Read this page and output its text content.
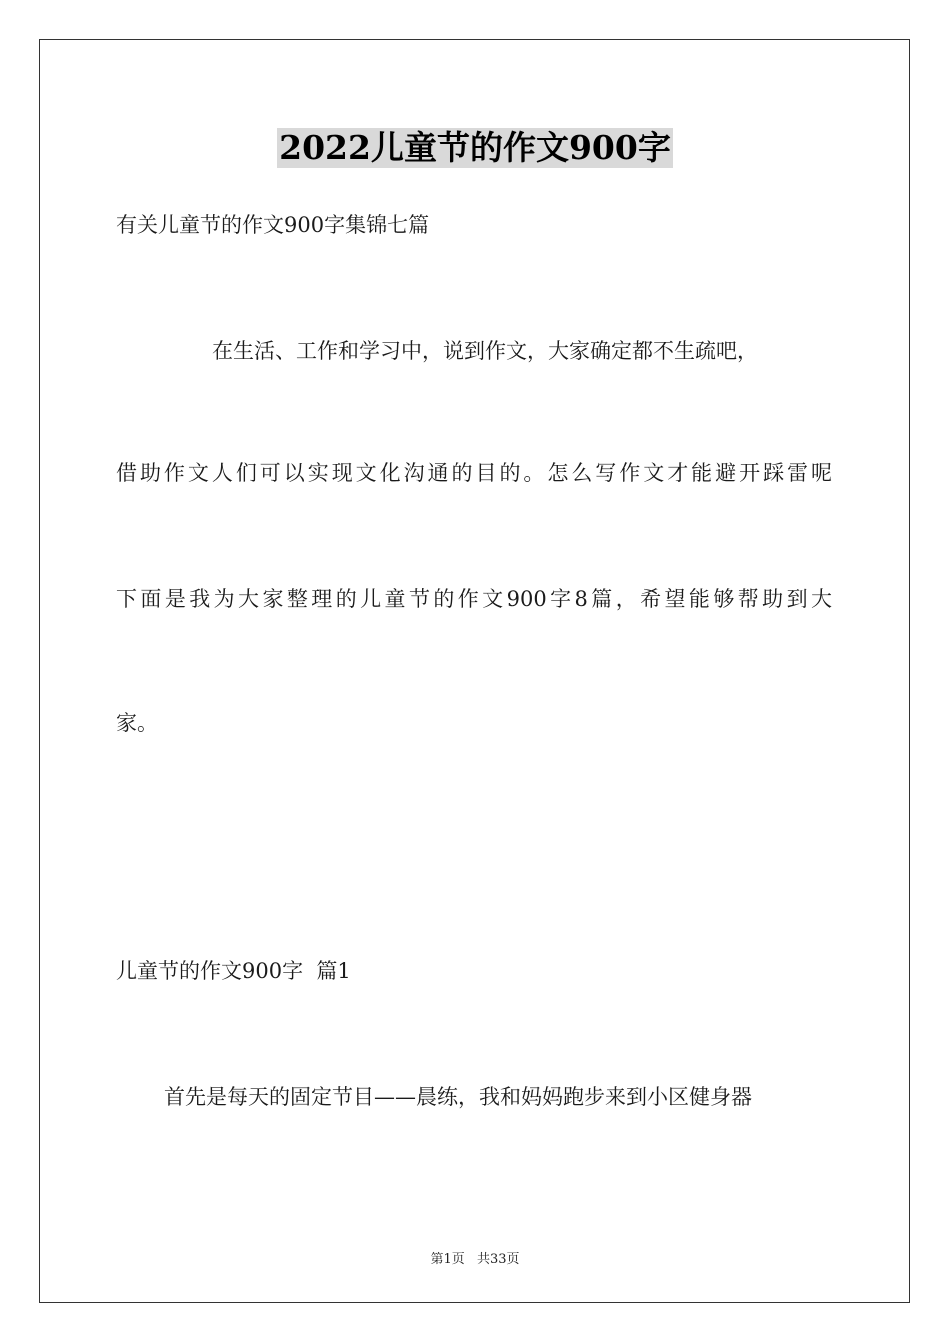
2022儿童节的作文900字
有关儿童节的作文900字集锦七篇
在生活、工作和学习中，说到作文，大家确定都不生疏吧，
借助作文人们可以实现文化沟通的目的。怎么写作文才能避开踩雷呢
下面是我为大家整理的儿童节的作文900字8篇，希望能够帮助到大
家。
儿童节的作文900字  篇1
首先是每天的固定节目——晨练，我和妈妈跑步来到小区健身器
第1页 共33页
